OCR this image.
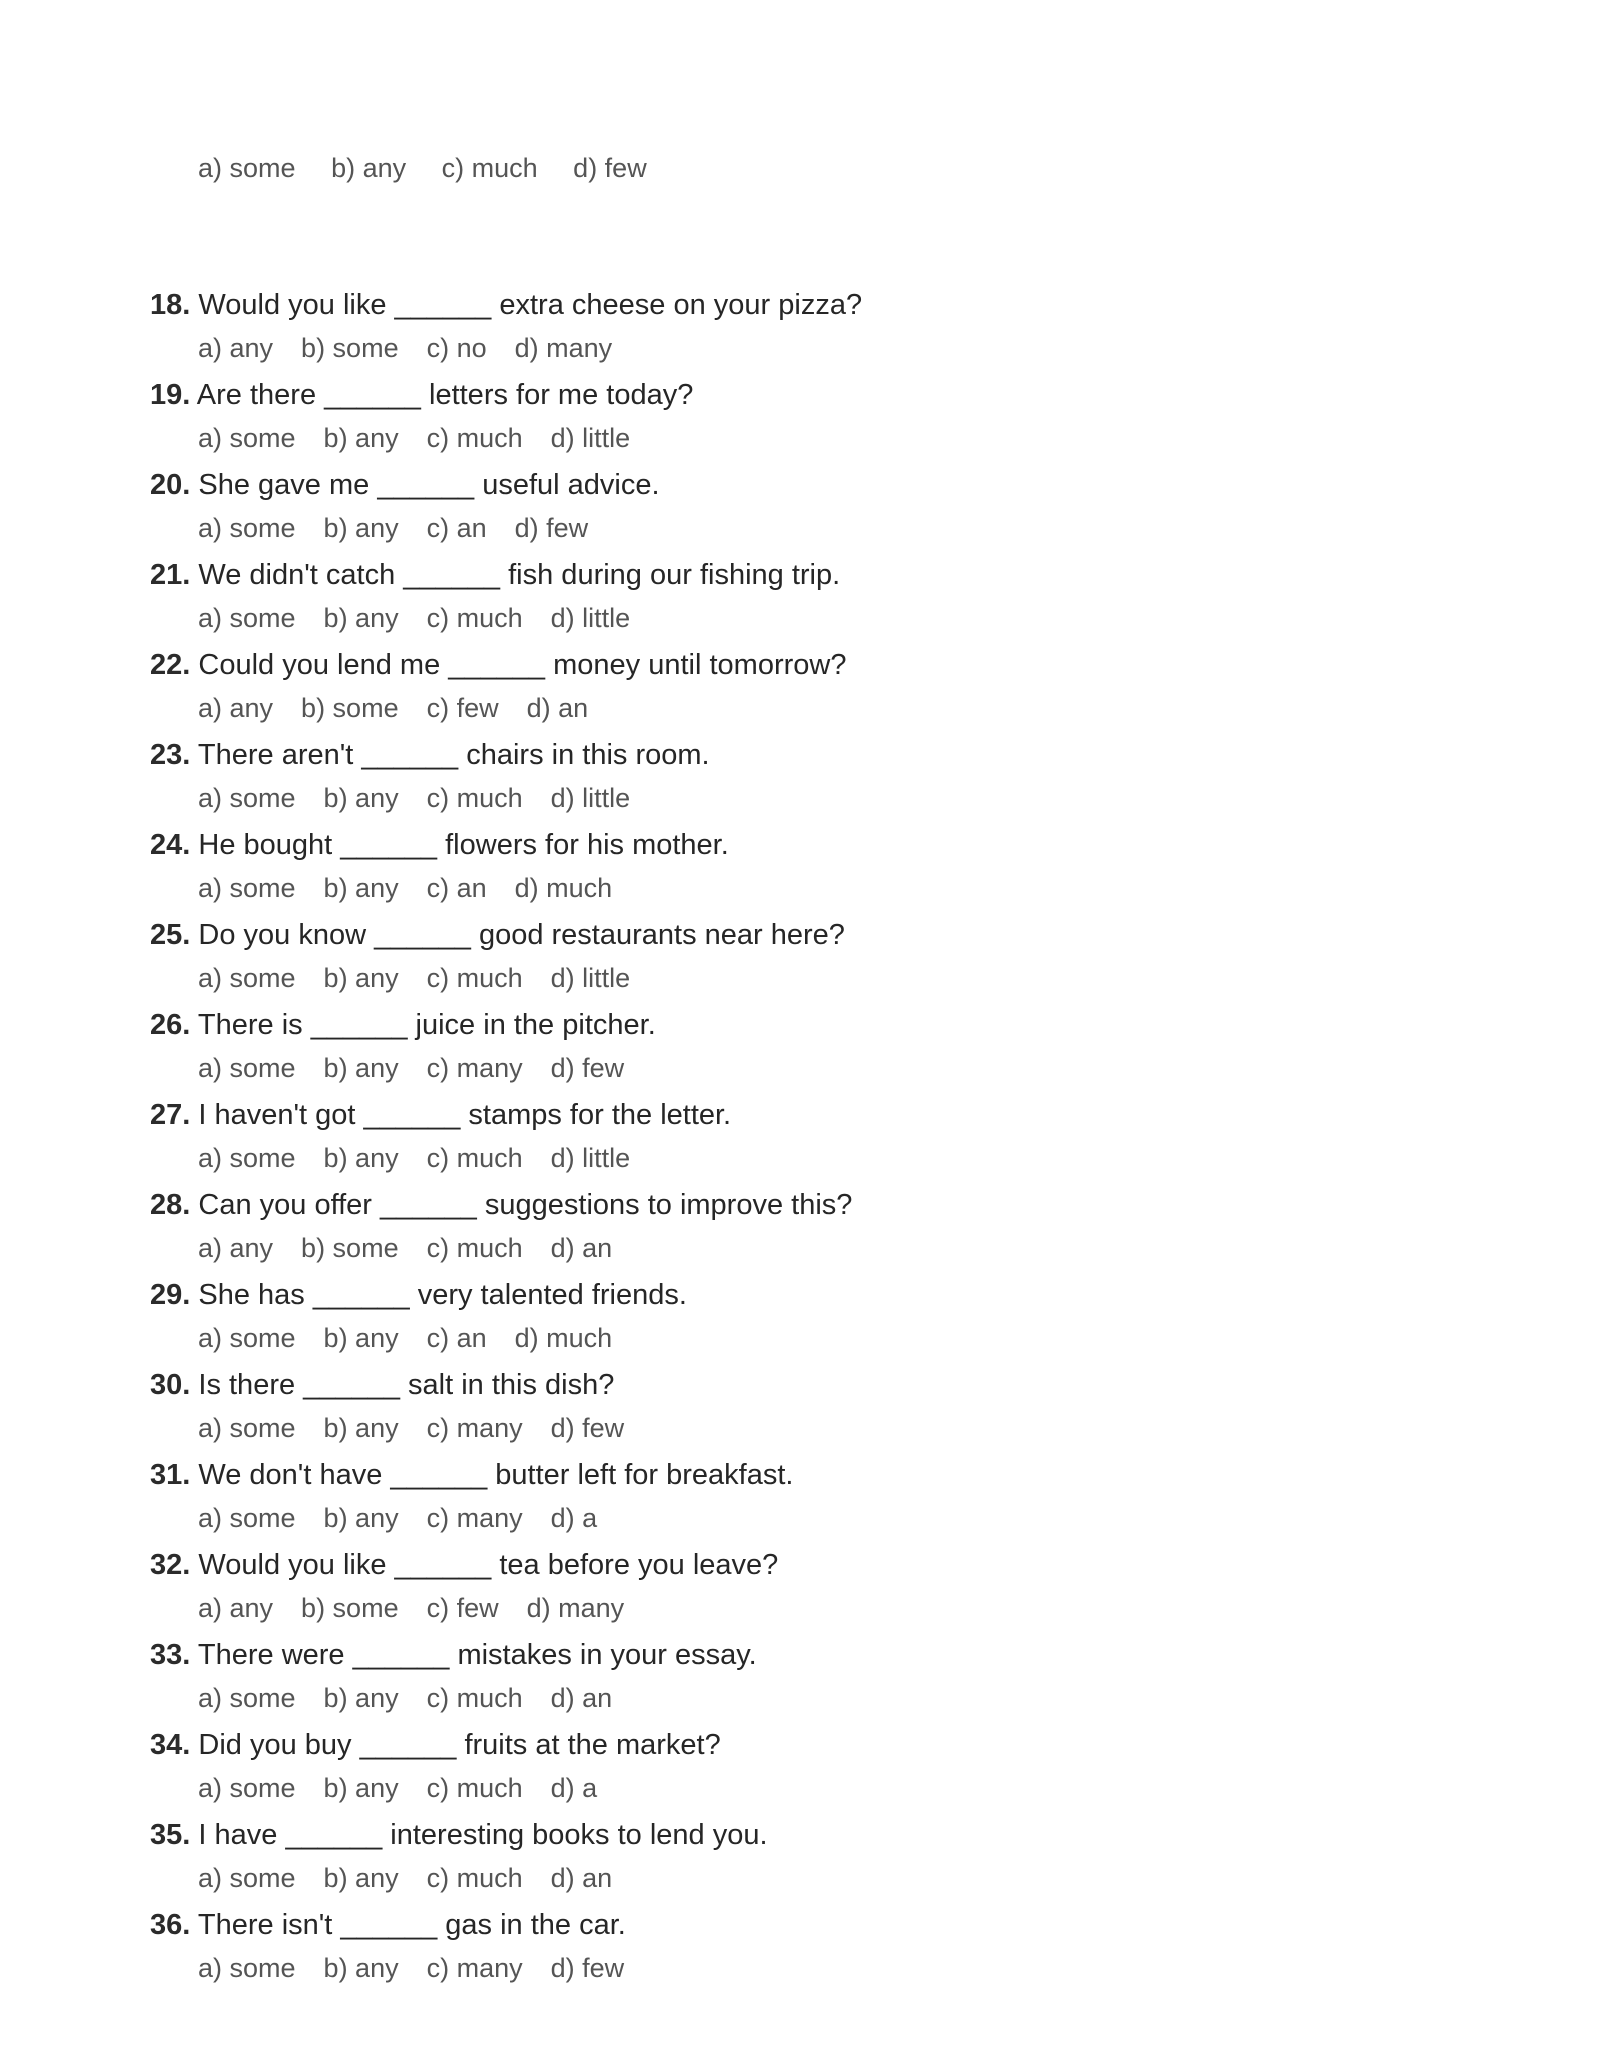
a) some b) any c) much d) few
18. Would you like ______ extra cheese on your pizza?
a) any b) some c) no d) many
19. Are there ______ letters for me today?
a) some b) any c) much d) little
20. She gave me ______ useful advice.
a) some b) any c) an d) few
21. We didn't catch ______ fish during our fishing trip.
a) some b) any c) much d) little
22. Could you lend me ______ money until tomorrow?
a) any b) some c) few d) an
23. There aren't ______ chairs in this room.
a) some b) any c) much d) little
24. He bought ______ flowers for his mother.
a) some b) any c) an d) much
25. Do you know ______ good restaurants near here?
a) some b) any c) much d) little
26. There is ______ juice in the pitcher.
a) some b) any c) many d) few
27. I haven't got ______ stamps for the letter.
a) some b) any c) much d) little
28. Can you offer ______ suggestions to improve this?
a) any b) some c) much d) an
29. She has ______ very talented friends.
a) some b) any c) an d) much
30. Is there ______ salt in this dish?
a) some b) any c) many d) few
31. We don't have ______ butter left for breakfast.
a) some b) any c) many d) a
32. Would you like ______ tea before you leave?
a) any b) some c) few d) many
33. There were ______ mistakes in your essay.
a) some b) any c) much d) an
34. Did you buy ______ fruits at the market?
a) some b) any c) much d) a
35. I have ______ interesting books to lend you.
a) some b) any c) much d) an
36. There isn't ______ gas in the car.
a) some b) any c) many d) few
